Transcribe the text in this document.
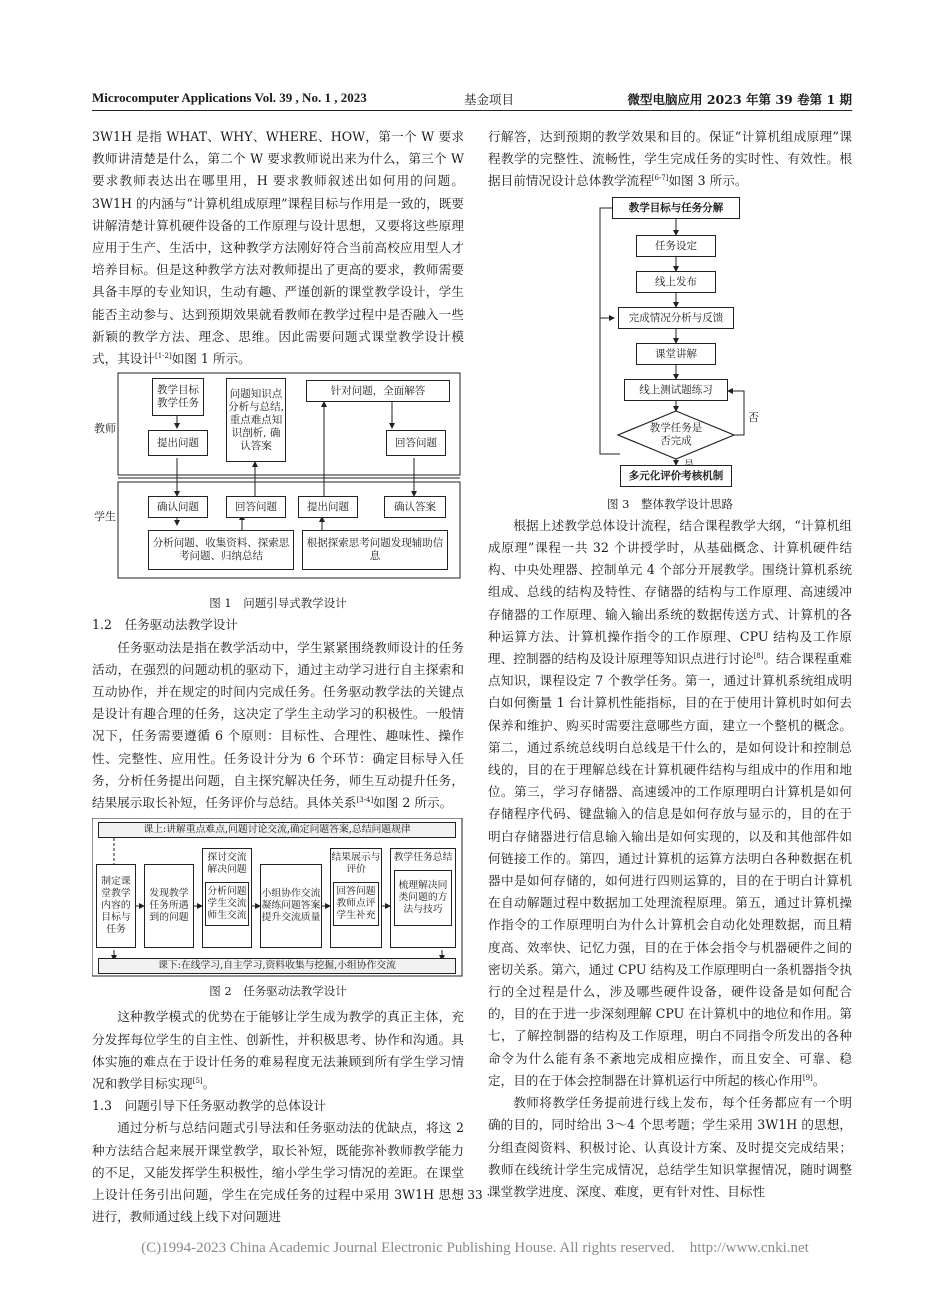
Microcomputer Applications Vol. 39 , No. 1 , 2023	基金项目	微型电脑应用 2023 年第 39 卷第 1 期

3W1H 是指 WHAT、WHY、WHERE、HOW，第一个 W 要求教师讲清楚是什么，第二个 W 要求教师说出来为什么，第三个 W 要求教师表达出在哪里用，H 要求教师叙述出如何用的问题。3W1H 的内涵与“计算机组成原理”课程目标与作用是一致的，既要讲解清楚计算机硬件设备的工作原理与设计思想，又要将这些原理应用于生产、生活中，这种教学方法刚好符合当前高校应用型人才培养目标。但是这种教学方法对教师提出了更高的要求，教师需要具备丰厚的专业知识，生动有趣、严谨创新的课堂教学设计，学生能否主动参与、达到预期效果就看教师在教学过程中是否融入一些新颖的教学方法、理念、思维。因此需要问题式课堂教学设计模式，其设计[1-2]如图 1 所示。

教师
学生
教学目标教学任务
问题知识点分析与总结, 重点难点知识剖析, 确认答案
针对问题，全面解答
提出问题	回答问题
确认问题	回答问题	提出问题	确认答案
分析问题、收集资料、探索思考问题、归纳总结
根据探索思考问题发现辅助信息
图 1　问题引导式教学设计

1.2　任务驱动法教学设计

任务驱动法是指在教学活动中，学生紧紧围绕教师设计的任务活动，在强烈的问题动机的驱动下，通过主动学习进行自主探索和互动协作，并在规定的时间内完成任务。任务驱动教学法的关键点是设计有趣合理的任务，这决定了学生主动学习的积极性。一般情况下，任务需要遵循 6 个原则：目标性、合理性、趣味性、操作性、完整性、应用性。任务设计分为 6 个环节：确定目标导入任务，分析任务提出问题，自主探究解决任务，师生互动提升任务，结果展示取长补短，任务评价与总结。具体关系[3-4]如图 2 所示。

课上:讲解重点难点,问题讨论交流,确定问题答案,总结问题规律
课下:在线学习,自主学习,资料收集与挖掘,小组协作交流
制定课堂教学内容的目标与任务
发现教学任务所遇到的问题
探讨交流解决问题
分析问题学生交流师生交流
小组协作交流凝练问题答案提升交流质量
结果展示与评价
回答问题教师点评学生补充
教学任务总结
梳理解决同类问题的方法与技巧
图 2　任务驱动法教学设计

这种教学模式的优势在于能够让学生成为教学的真正主体，充分发挥每位学生的自主性、创新性，并积极思考、协作和沟通。具体实施的难点在于设计任务的难易程度无法兼顾到所有学生学习情况和教学目标实现[5]。

1.3　问题引导下任务驱动教学的总体设计

通过分析与总结问题式引导法和任务驱动法的优缺点，将这 2 种方法结合起来展开课堂教学，取长补短，既能弥补教师教学能力的不足，又能发挥学生积极性，缩小学生学习情况的差距。在课堂上设计任务引出问题，学生在完成任务的过程中采用 3W1H 思想进行，教师通过线上线下对问题进

行解答，达到预期的教学效果和目的。保证“计算机组成原理”课程教学的完整性、流畅性，学生完成任务的实时性、有效性。根据目前情况设计总体教学流程[6-7]如图 3 所示。

教学目标与任务分解
任务设定
线上发布
完成情况分析与反馈
课堂讲解
线上测试题练习
教学任务是否完成
否
多元化评价考核机制
图 3　整体教学设计思路

根据上述教学总体设计流程，结合课程教学大纲，“计算机组成原理”课程一共 32 个讲授学时，从基础概念、计算机硬件结构、中央处理器、控制单元 4 个部分开展教学。围绕计算机系统组成、总线的结构及特性、存储器的结构与工作原理、高速缓冲存储器的工作原理、输入输出系统的数据传送方式、计算机的各种运算方法、计算机操作指令的工作原理、CPU 结构及工作原理、控制器的结构及设计原理等知识点进行讨论[8]。结合课程重难点知识，课程设定 7 个教学任务。第一，通过计算机系统组成明白如何衡量 1 台计算机性能指标，目的在于使用计算机时如何去保养和维护、购买时需要注意哪些方面，建立一个整机的概念。第二，通过系统总线明白总线是干什么的，是如何设计和控制总线的，目的在于理解总线在计算机硬件结构与组成中的作用和地位。第三，学习存储器、高速缓冲的工作原理明白计算机是如何存储程序代码、键盘输入的信息是如何存放与显示的，目的在于明白存储器进行信息输入输出是如何实现的，以及和其他部件如何链接工作的。第四，通过计算机的运算方法明白各种数据在机器中是如何存储的，如何进行四则运算的，目的在于明白计算机在自动解题过程中数据加工处理流程原理。第五，通过计算机操作指令的工作原理明白为什么计算机会自动化处理数据，而且精度高、效率快、记忆力强，目的在于体会指令与机器硬件之间的密切关系。第六，通过 CPU 结构及工作原理明白一条机器指令执行的全过程是什么，涉及哪些硬件设备，硬件设备是如何配合的，目的在于进一步深刻理解 CPU 在计算机中的地位和作用。第七，了解控制器的结构及工作原理，明白不同指令所发出的各种命令为什么能有条不紊地完成相应操作，而且安全、可靠、稳定，目的在于体会控制器在计算机运行中所起的核心作用[9]。

教师将教学任务提前进行线上发布，每个任务都应有一个明确的目的，同时给出 3～4 个思考题；学生采用 3W1H 的思想，分组查阅资料、积极讨论、认真设计方案、及时提交完成结果；教师在线统计学生完成情况，总结学生知识掌握情况，随时调整课堂教学进度、深度、难度，更有针对性、目标性

· 33 ·
(C)1994-2023 China Academic Journal Electronic Publishing House. All rights reserved.　http://www.cnki.net
